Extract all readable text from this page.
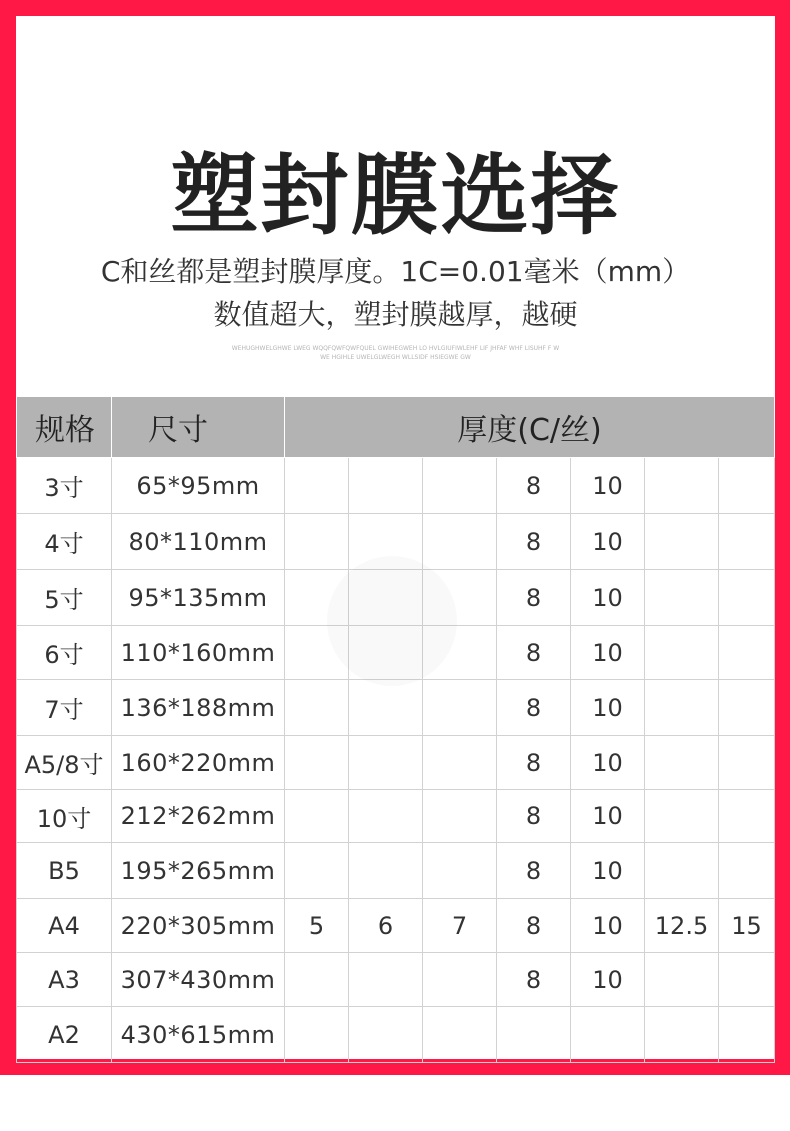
塑封膜选择
C和丝都是塑封膜厚度。1C=0.01毫米（mm）
数值超大，塑封膜越厚，越硬
WEHUGHWELGHWE LWEG WQQFQWFQWFQUEL GWIHEGWEH LO HVLGIUFIWLEHF LIF JHFAF WHF LISUHF F W
WE HGIHLE UWELGLWEGH WLLSIDF HSIEGWE GW
规格	尺寸	厚度(C/丝)						
3寸	65*95mm				8	10		
4寸	80*110mm				8	10		
5寸	95*135mm				8	10		
6寸	110*160mm				8	10		
7寸	136*188mm				8	10		
A5/8寸	160*220mm				8	10		
10寸	212*262mm				8	10		
B5	195*265mm				8	10		
A4	220*305mm	5	6	7	8	10	12.5	15
A3	307*430mm				8	10		
A2	430*615mm							
